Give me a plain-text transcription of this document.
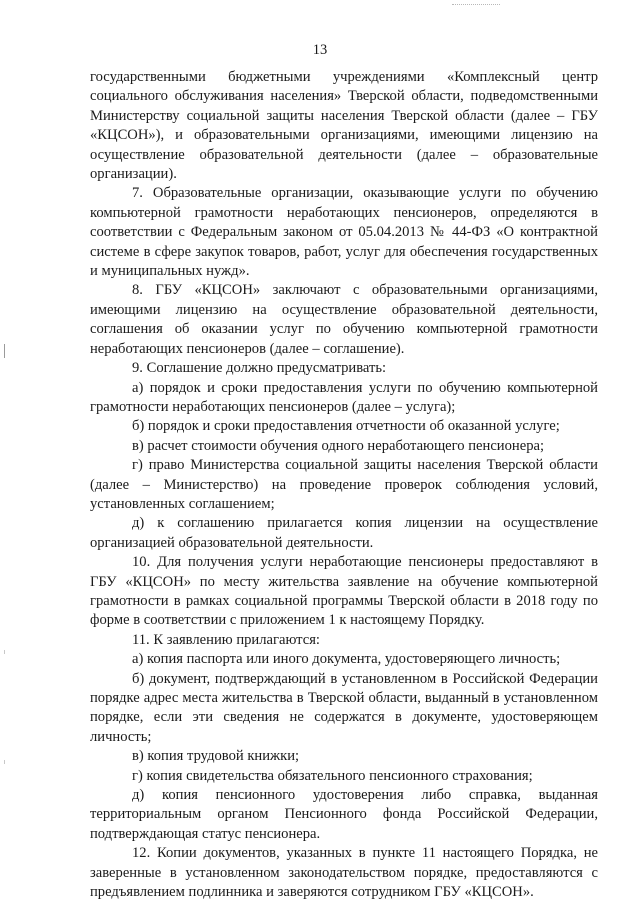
13

государственными бюджетными учреждениями «Комплексный центр социального обслуживания населения» Тверской области, подведомственными Министерству социальной защиты населения Тверской области (далее – ГБУ «КЦСОН»), и образовательными организациями, имеющими лицензию на осуществление образовательной деятельности (далее – образовательные организации).

7. Образовательные организации, оказывающие услуги по обучению компьютерной грамотности неработающих пенсионеров, определяются в соответствии с Федеральным законом от 05.04.2013 № 44-ФЗ «О контрактной системе в сфере закупок товаров, работ, услуг для обеспечения государственных и муниципальных нужд».

8. ГБУ «КЦСОН» заключают с образовательными организациями, имеющими лицензию на осуществление образовательной деятельности, соглашения об оказании услуг по обучению компьютерной грамотности неработающих пенсионеров (далее – соглашение).

9. Соглашение должно предусматривать:

а) порядок и сроки предоставления услуги по обучению компьютерной грамотности неработающих пенсионеров (далее – услуга);

б) порядок и сроки предоставления отчетности об оказанной услуге;

в) расчет стоимости обучения одного неработающего пенсионера;

г) право Министерства социальной защиты населения Тверской области (далее – Министерство) на проведение проверок соблюдения условий, установленных соглашением;

д) к соглашению прилагается копия лицензии на осуществление организацией образовательной деятельности.

10. Для получения услуги неработающие пенсионеры предоставляют в ГБУ «КЦСОН» по месту жительства заявление на обучение компьютерной грамотности в рамках социальной программы Тверской области в 2018 году по форме в соответствии с приложением 1 к настоящему Порядку.

11. К заявлению прилагаются:

а) копия паспорта или иного документа, удостоверяющего личность;

б) документ, подтверждающий в установленном в Российской Федерации порядке адрес места жительства в Тверской области, выданный в установленном порядке, если эти сведения не содержатся в документе, удостоверяющем личность;

в) копия трудовой книжки;

г) копия свидетельства обязательного пенсионного страхования;

д) копия пенсионного удостоверения либо справка, выданная территориальным органом Пенсионного фонда Российской Федерации, подтверждающая статус пенсионера.

12. Копии документов, указанных в пункте 11 настоящего Порядка, не заверенные в установленном законодательством порядке, предоставляются с предъявлением подлинника и заверяются сотрудником ГБУ «КЦСОН».
